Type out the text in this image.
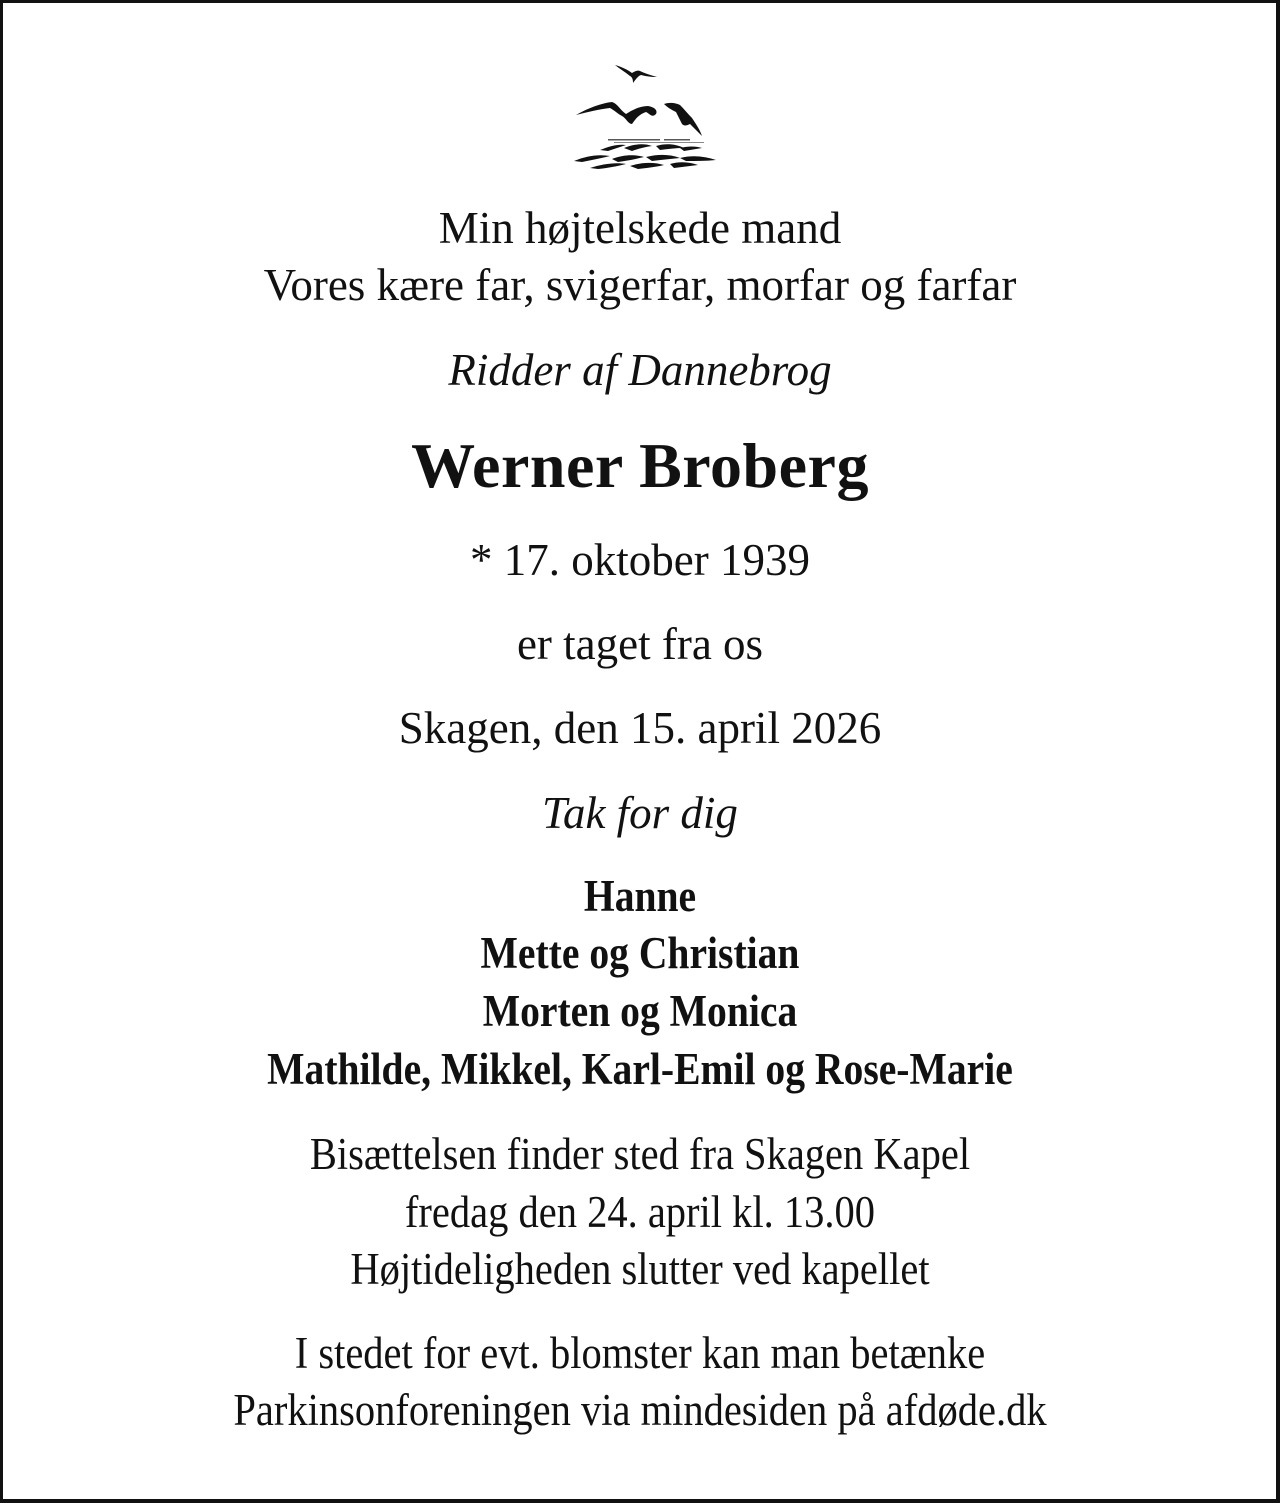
Min højtelskede mand
Vores kære far, svigerfar, morfar og farfar
Ridder af Dannebrog
Werner Broberg
* 17. oktober 1939
er taget fra os
Skagen, den 15. april 2026
Tak for dig
Hanne
Mette og Christian
Morten og Monica
Mathilde, Mikkel, Karl-Emil og Rose-Marie
Bisættelsen finder sted fra Skagen Kapel
fredag den 24. april kl. 13.00
Højtideligheden slutter ved kapellet
I stedet for evt. blomster kan man betænke
Parkinsonforeningen via mindesiden på afdøde.dk
